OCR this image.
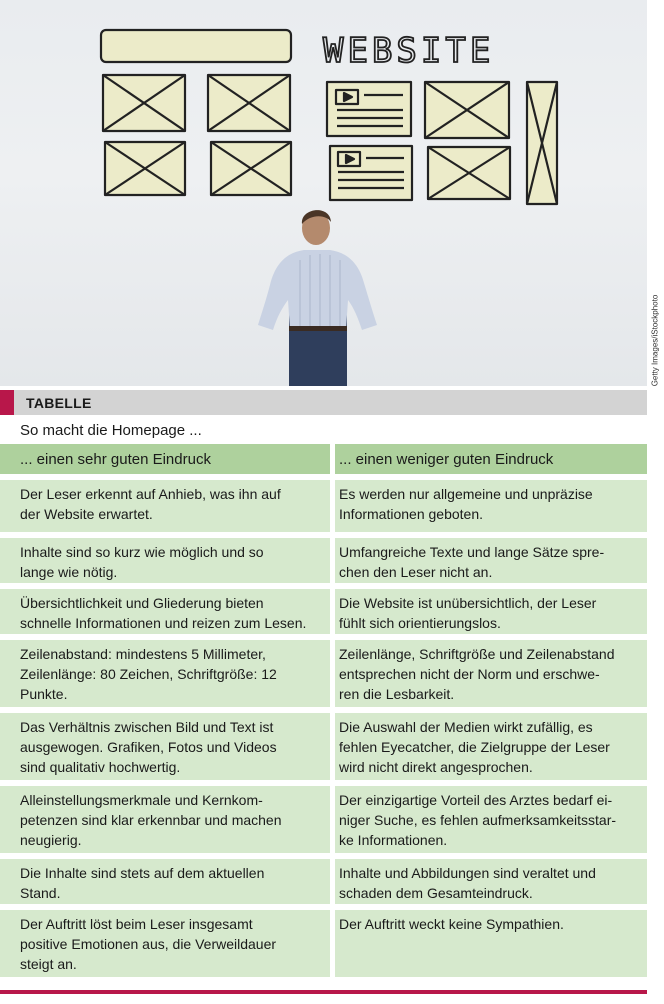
WEBSITE
Getty Images/iStockphoto
TABELLE
So macht die Homepage ...
... einen sehr guten Eindruck	... einen weniger guten Eindruck
Der Leser erkennt auf Anhieb, was ihn auf
der Website erwartet.
Es werden nur allgemeine und unpräzise
Informationen geboten.
Inhalte sind so kurz wie möglich und so
lange wie nötig.
Umfangreiche Texte und lange Sätze spre-
chen den Leser nicht an.
Übersichtlichkeit und Gliederung bieten
schnelle Informationen und reizen zum Lesen.
Die Website ist unübersichtlich, der Leser
fühlt sich orientierungslos.
Zeilenabstand: mindestens 5 Millimeter,
Zeilenlänge: 80 Zeichen, Schriftgröße: 12
Punkte.
Zeilenlänge, Schriftgröße und Zeilenabstand
entsprechen nicht der Norm und erschwe-
ren die Lesbarkeit.
Das Verhältnis zwischen Bild und Text ist
ausgewogen. Grafiken, Fotos und Videos
sind qualitativ hochwertig.
Die Auswahl der Medien wirkt zufällig, es
fehlen Eyecatcher, die Zielgruppe der Leser
wird nicht direkt angesprochen.
Alleinstellungsmerkmale und Kernkom-
petenzen sind klar erkennbar und machen
neugierig.
Der einzigartige Vorteil des Arztes bedarf ei-
niger Suche, es fehlen aufmerksamkeitsstar-
ke Informationen.
Die Inhalte sind stets auf dem aktuellen
Stand.
Inhalte und Abbildungen sind veraltet und
schaden dem Gesamteindruck.
Der Auftritt löst beim Leser insgesamt
positive Emotionen aus, die Verweildauer
steigt an.
Der Auftritt weckt keine Sympathien.
